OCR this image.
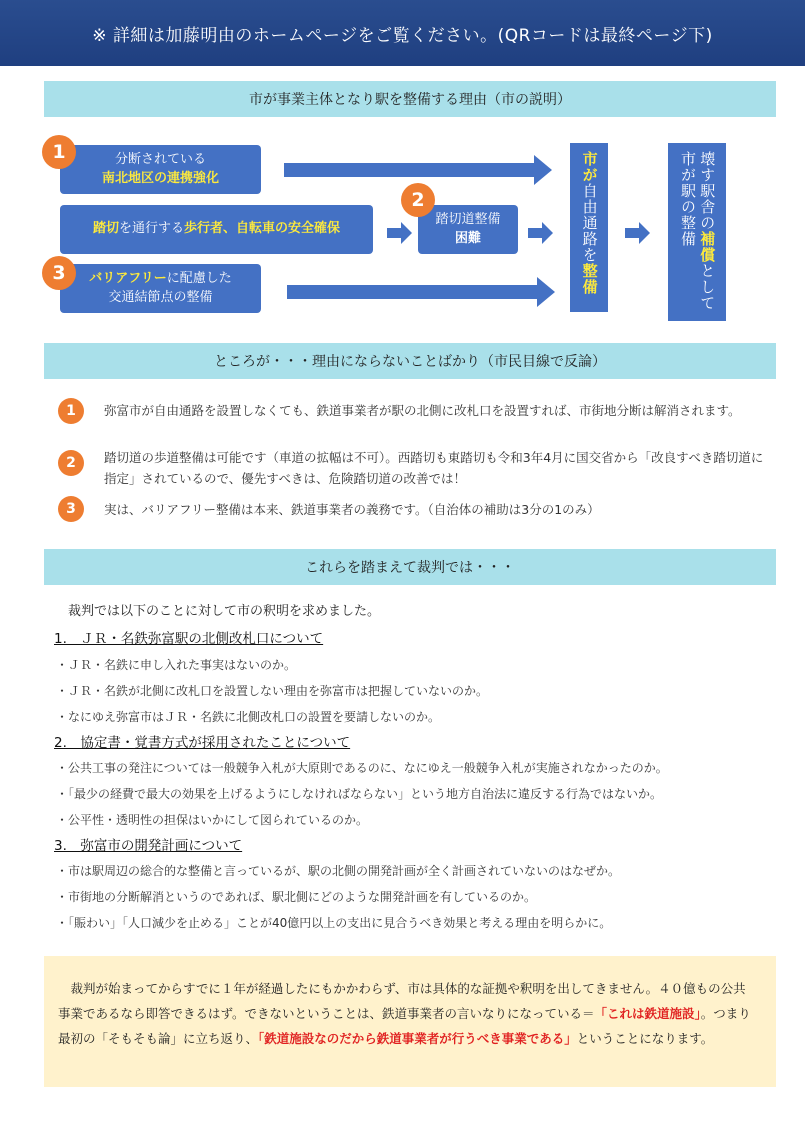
※ 詳細は加藤明由のホームページをご覧ください。(QRコードは最終ページ下)
市が事業主体となり駅を整備する理由（市の説明）
1	分断されている
南北地区の連携強化
踏切 を通行する 歩行者、自転車の安全確保
3	バリアフリーに配慮した
交通結節点の整備
2
踏切道整備
困難
市が自由通路を整備
壊す駅舎の補償として
市が駅の整備
ところが・・・理由にならないことばかり（市民目線で反論）
1	弥富市が自由通路を設置しなくても、鉄道事業者が駅の北側に改札口を設置すれば、市街地分断は解消されます。
2	踏切道の歩道整備は可能です（車道の拡幅は不可）。西踏切も東踏切も令和3年4月に国交省から「改良すべき踏切道に指定」されているので、優先すべきは、危険踏切道の改善では！
3	実は、バリアフリー整備は本来、鉄道事業者の義務です。（自治体の補助は3分の1のみ）
これらを踏まえて裁判では・・・
裁判では以下のことに対して市の釈明を求めました。
1.　ＪＲ・名鉄弥富駅の北側改札口について
・ＪＲ・名鉄に申し入れた事実はないのか。
・ＪＲ・名鉄が北側に改札口を設置しない理由を弥富市は把握していないのか。
・なにゆえ弥富市はＪＲ・名鉄に北側改札口の設置を要請しないのか。
2.　協定書・覚書方式が採用されたことについて
・公共工事の発注については一般競争入札が大原則であるのに、なにゆえ一般競争入札が実施されなかったのか。
・「最少の経費で最大の効果を上げるようにしなければならない」という地方自治法に違反する行為ではないか。
・公平性・透明性の担保はいかにして図られているのか。
3.　弥富市の開発計画について
・市は駅周辺の総合的な整備と言っているが、駅の北側の開発計画が全く計画されていないのはなぜか。
・市街地の分断解消というのであれば、駅北側にどのような開発計画を有しているのか。
・「賑わい」「人口減少を止める」ことが40億円以上の支出に見合うべき効果と考える理由を明らかに。

　裁判が始まってからすでに１年が経過したにもかかわらず、市は具体的な証拠や釈明を出してきません。４０億もの公共事業であるなら即答できるはず。できないということは、鉄道事業者の言いなりになっている＝「これは鉄道施設」。つまり最初の「そもそも論」に立ち返り、「鉄道施設なのだから鉄道事業者が行うべき事業である」ということになります。
